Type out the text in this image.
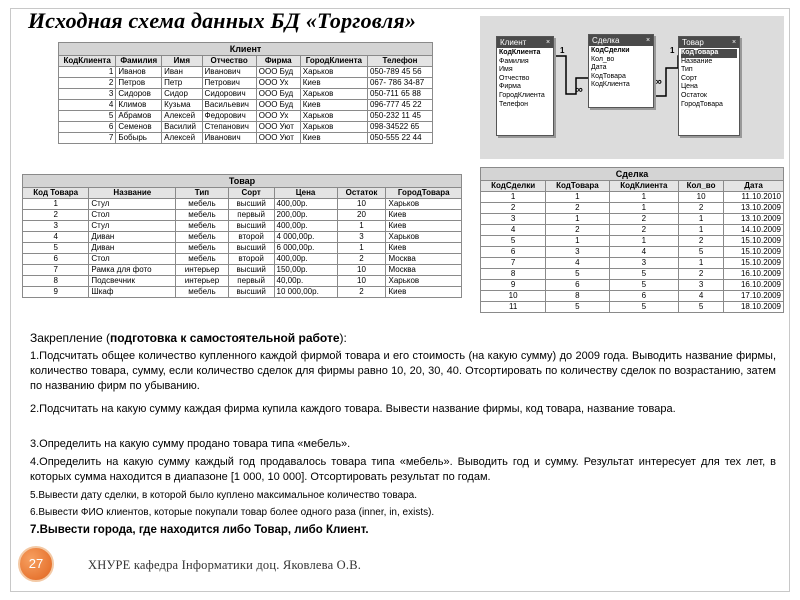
Исходная схема данных БД «Торговля»
Клиент
КодКлиента	Фамилия	Имя	Отчество	Фирма	ГородКлиента	Телефон
1	Иванов	Иван	Иванович	ООО Буд	Харьков	050-789 45 56
2	Петров	Петр	Петрович	ООО Ух	Киев	067- 786 34-87
3	Сидоров	Сидор	Сидорович	ООО Буд	Харьков	050-711 65 88
4	Климов	Кузьма	Васильевич	ООО Буд	Киев	096-777 45 22
5	Абрамов	Алексей	Федорович	ООО Ух	Харьков	050-232 11 45
6	Семенов	Василий	Степанович	ООО Уют	Харьков	098-34522 65
7	Бобырь	Алексей	Иванович	ООО Уют	Киев	050-555 22 44
1
∞
1
∞
Клиент	×
КодКлиента
Фамилия
Имя
Отчество
Фирма
ГородКлиента
Телефон
Сделка	×
КодСделки
Кол_во
Дата
КодТовара
КодКлиента
Товар	×
КодТовара
Название
Тип
Сорт
Цена
Остаток
ГородТовара
Товар
Код Товара	Название	Тип	Сорт	Цена	Остаток	ГородТовара
1	Стул	мебель	высший	400,00р.	10	Харьков
2	Стол	мебель	первый	200,00р.	20	Киев
3	Стул	мебель	высший	400,00р.	1	Киев
4	Диван	мебель	второй	4 000,00р.	3	Харьков
5	Диван	мебель	высший	6 000,00р.	1	Киев
6	Стол	мебель	второй	400,00р.	2	Москва
7	Рамка для фото	интерьер	высший	150,00р.	10	Москва
8	Подсвечник	интерьер	первый	40,00р.	10	Харьков
9	Шкаф	мебель	высший	10 000,00р.	2	Киев
Сделка
КодСделки	КодТовара	КодКлиента	Кол_во	Дата
1	1	1	10	11.10.2010
2	2	1	2	13.10.2009
3	1	2	1	13.10.2009
4	2	2	1	14.10.2009
5	1	1	2	15.10.2009
6	3	4	5	15.10.2009
7	4	3	1	15.10.2009
8	5	5	2	16.10.2009
9	6	5	3	16.10.2009
10	8	6	4	17.10.2009
11	5	5	5	18.10.2009
Закрепление (подготовка к самостоятельной работе):
1.Подсчитать общее количество купленного каждой фирмой товара и его стоимость (на какую сумму) до 2009 года. Выводить название фирмы, количество товара, сумму, если количество сделок для фирмы равно 10, 20, 30, 40. Отсортировать по количеству сделок по возрастанию, затем по названию фирм по убыванию.
2.Подсчитать на какую сумму каждая фирма купила каждого товара. Вывести название фирмы, код товара, название товара.
3.Определить на какую сумму продано товара типа «мебель».
4.Определить на какую сумму каждый год продавалось товара типа «мебель». Выводить год и сумму. Результат интересует для тех лет, в которых сумма находится в диапазоне [1 000, 10 000]. Отсортировать результат по годам.
5.Вывести дату сделки, в которой было куплено максимальное количество товара.
6.Вывести ФИО клиентов, которые покупали товар более одного раза (inner, in, exists).
7.Вывести города, где находится либо Товар, либо Клиент.
27	ХНУРЕ кафедра Інформатики доц. Яковлева О.В.
